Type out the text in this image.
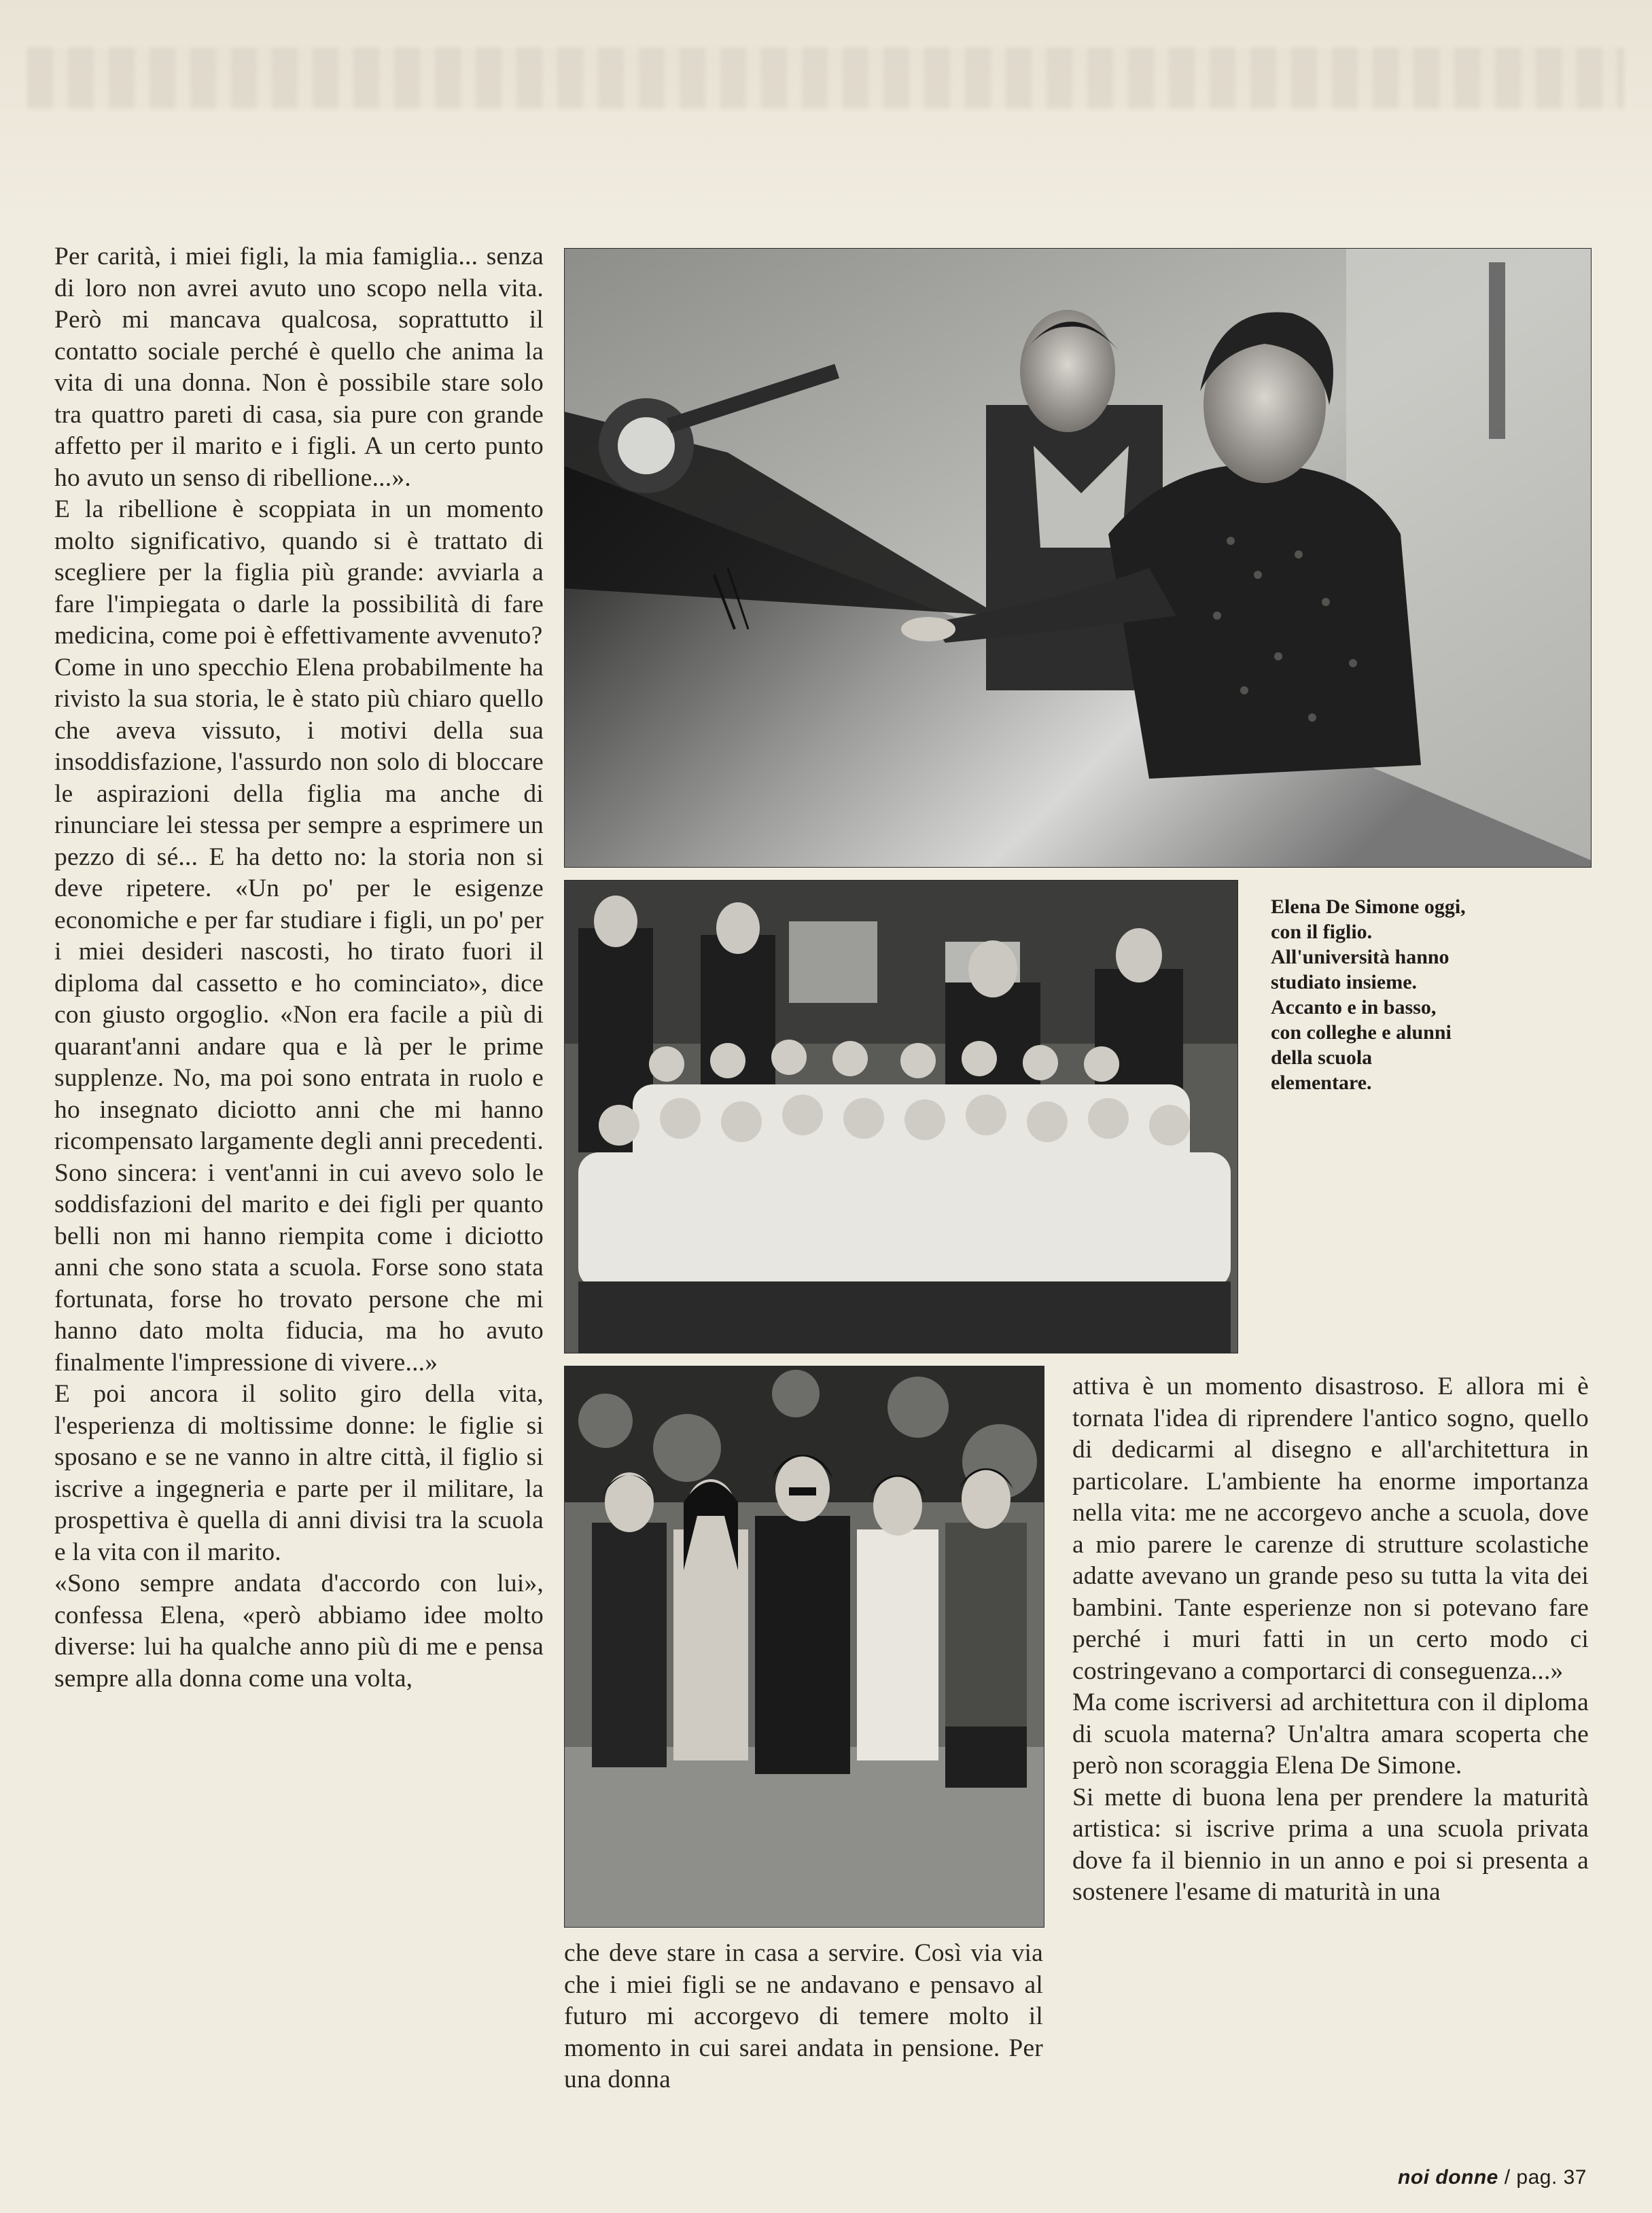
Per carità, i miei figli, la mia famiglia... senza di loro non avrei avuto uno scopo nella vita. Però mi mancava qualcosa, soprattutto il contatto sociale perché è quello che anima la vita di una donna. Non è possibile stare solo tra quattro pareti di casa, sia pure con grande affetto per il marito e i figli. A un certo punto ho avuto un senso di ribellione...».

E la ribellione è scoppiata in un momento molto significativo, quando si è trattato di scegliere per la figlia più grande: avviarla a fare l'impiegata o darle la possibilità di fare medicina, come poi è effettivamente avvenuto?

Come in uno specchio Elena probabilmente ha rivisto la sua storia, le è stato più chiaro quello che aveva vissuto, i motivi della sua insoddisfazione, l'assurdo non solo di bloccare le aspirazioni della figlia ma anche di rinunciare lei stessa per sempre a esprimere un pezzo di sé... E ha detto no: la storia non si deve ripetere. «Un po' per le esigenze economiche e per far studiare i figli, un po' per i miei desideri nascosti, ho tirato fuori il diploma dal cassetto e ho cominciato», dice con giusto orgoglio. «Non era facile a più di quarant'anni andare qua e là per le prime supplenze. No, ma poi sono entrata in ruolo e ho insegnato diciotto anni che mi hanno ricompensato largamente degli anni precedenti. Sono sincera: i vent'anni in cui avevo solo le soddisfazioni del marito e dei figli per quanto belli non mi hanno riempita come i diciotto anni che sono stata a scuola. Forse sono stata fortunata, forse ho trovato persone che mi hanno dato molta fiducia, ma ho avuto finalmente l'impressione di vivere...»

E poi ancora il solito giro della vita, l'esperienza di moltissime donne: le figlie si sposano e se ne vanno in altre città, il figlio si iscrive a ingegneria e parte per il militare, la prospettiva è quella di anni divisi tra la scuola e la vita con il marito.

«Sono sempre andata d'accordo con lui», confessa Elena, «però abbiamo idee molto diverse: lui ha qualche anno più di me e pensa sempre alla donna come una volta,

Elena De Simone oggi,

con il figlio.

All'università hanno

studiato insieme.

Accanto e in basso,

con colleghe e alunni

della scuola

elementare.

che deve stare in casa a servire. Così via via che i miei figli se ne andavano e pensavo al futuro mi accorgevo di temere molto il momento in cui sarei andata in pensione. Per una donna

attiva è un momento disastroso. E allora mi è tornata l'idea di riprendere l'antico sogno, quello di dedicarmi al disegno e all'architettura in particolare. L'ambiente ha enorme importanza nella vita: me ne accorgevo anche a scuola, dove a mio parere le carenze di strutture scolastiche adatte avevano un grande peso su tutta la vita dei bambini. Tante esperienze non si potevano fare perché i muri fatti in un certo modo ci costringevano a comportarci di conseguenza...»

Ma come iscriversi ad architettura con il diploma di scuola materna? Un'altra amara scoperta che però non scoraggia Elena De Simone.

Si mette di buona lena per prendere la maturità artistica: si iscrive prima a una scuola privata dove fa il biennio in un anno e poi si presenta a sostenere l'esame di maturità in una

noi donne / pag. 37
